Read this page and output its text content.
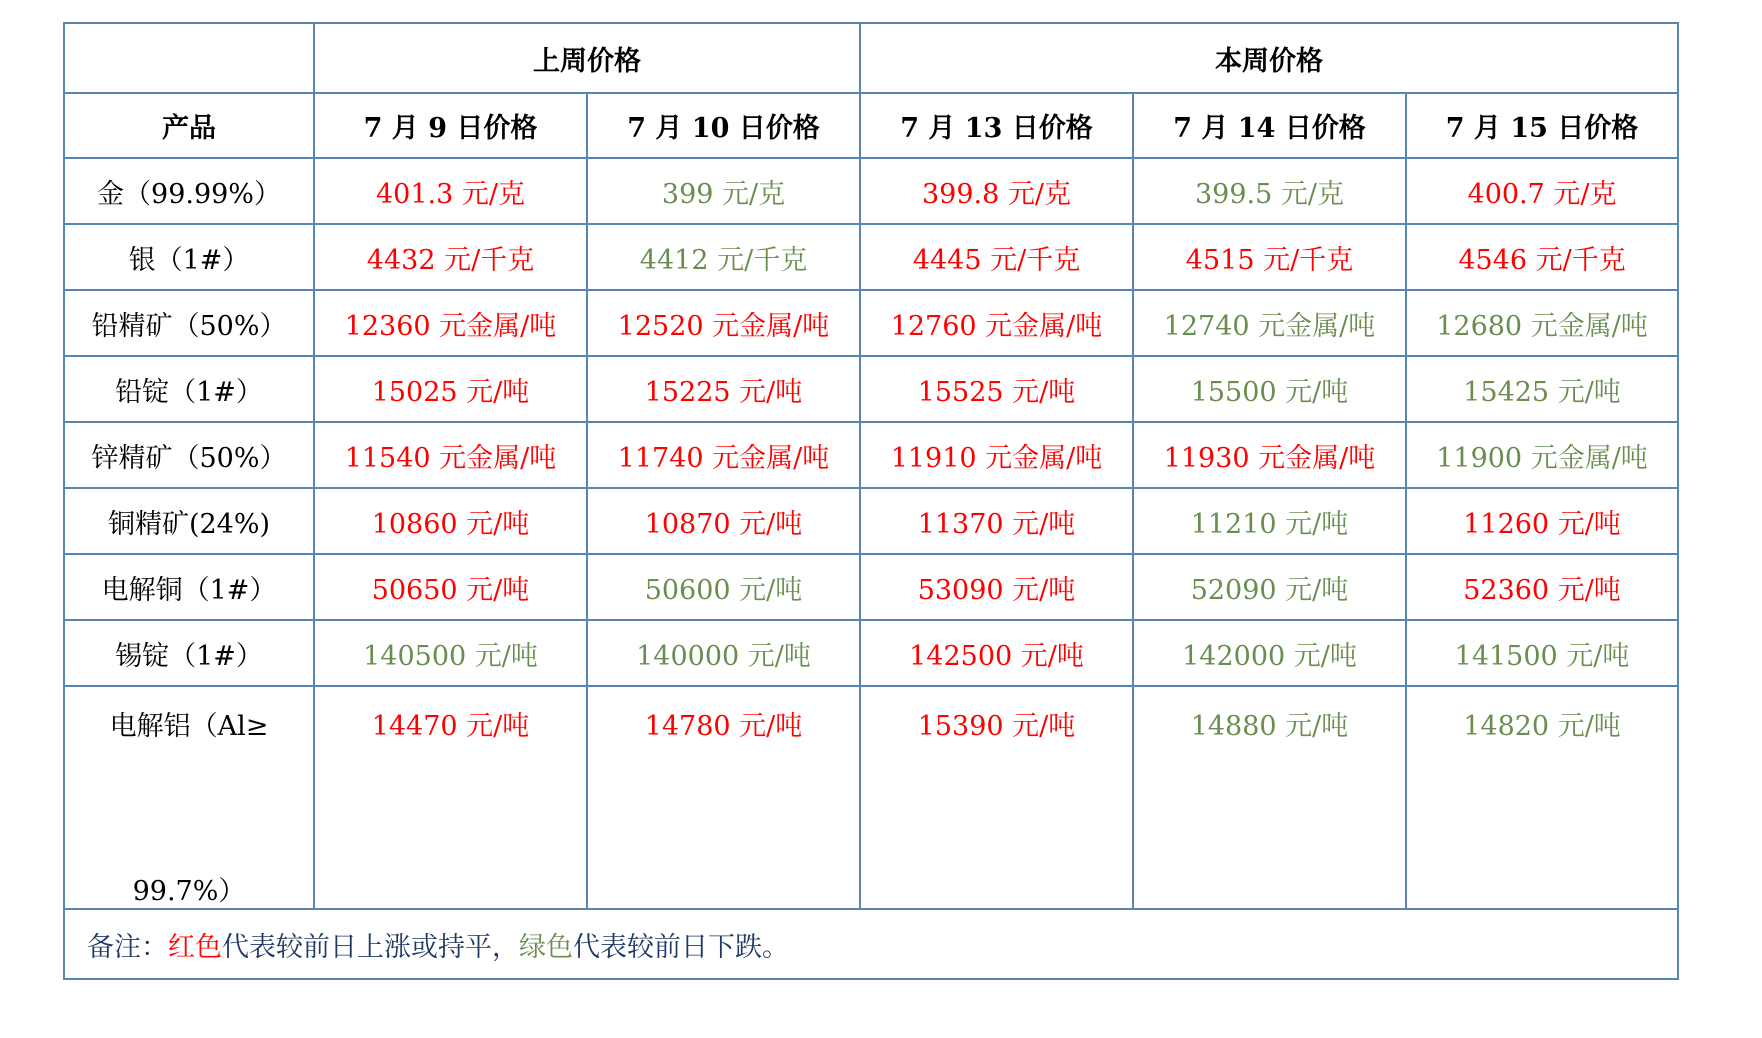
	上周价格		本周价格		
产品	7 月 9 日价格	7 月 10 日价格	7 月 13 日价格	7 月 14 日价格	7 月 15 日价格
金（99.99%）	401.3 元/克	399 元/克	399.8 元/克	399.5 元/克	400.7 元/克
银（1#）	4432 元/千克	4412 元/千克	4445 元/千克	4515 元/千克	4546 元/千克
铅精矿（50%）	12360 元金属/吨	12520 元金属/吨	12760 元金属/吨	12740 元金属/吨	12680 元金属/吨
铅锭（1#）	15025 元/吨	15225 元/吨	15525 元/吨	15500 元/吨	15425 元/吨
锌精矿（50%）	11540 元金属/吨	11740 元金属/吨	11910 元金属/吨	11930 元金属/吨	11900 元金属/吨
铜精矿(24%)	10860 元/吨	10870 元/吨	11370 元/吨	11210 元/吨	11260 元/吨
电解铜（1#）	50650 元/吨	50600 元/吨	53090 元/吨	52090 元/吨	52360 元/吨
锡锭（1#）	140500 元/吨	140000 元/吨	142500 元/吨	142000 元/吨	141500 元/吨

电解铝（Al≥
99.7%）	14470 元/吨	14780 元/吨	15390 元/吨	14880 元/吨	14820 元/吨
备注：红色代表较前日上涨或持平，绿色代表较前日下跌。					
